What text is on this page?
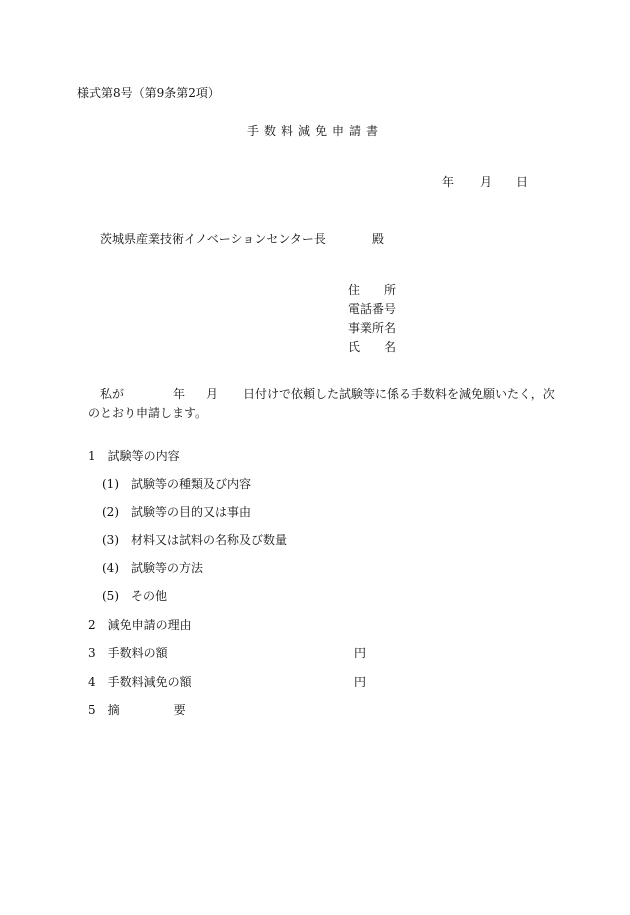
様式第8号（第9条第2項）
手数料減免申請書
年 月 日
茨城県産業技術イノベーションセンター長	殿
住 所
電話番号
事業所名
氏 名
私が	年 月 日付けで依頼した試験等に係る手数料を減免願いたく，次
のとおり申請します。
1 試験等の内容
(1) 試験等の種類及び内容
(2) 試験等の目的又は事由
(3) 材料又は試料の名称及び数量
(4) 試験等の方法
(5) その他
2 減免申請の理由
3 手数料の額	円
4 手数料減免の額	円
5 摘	要
